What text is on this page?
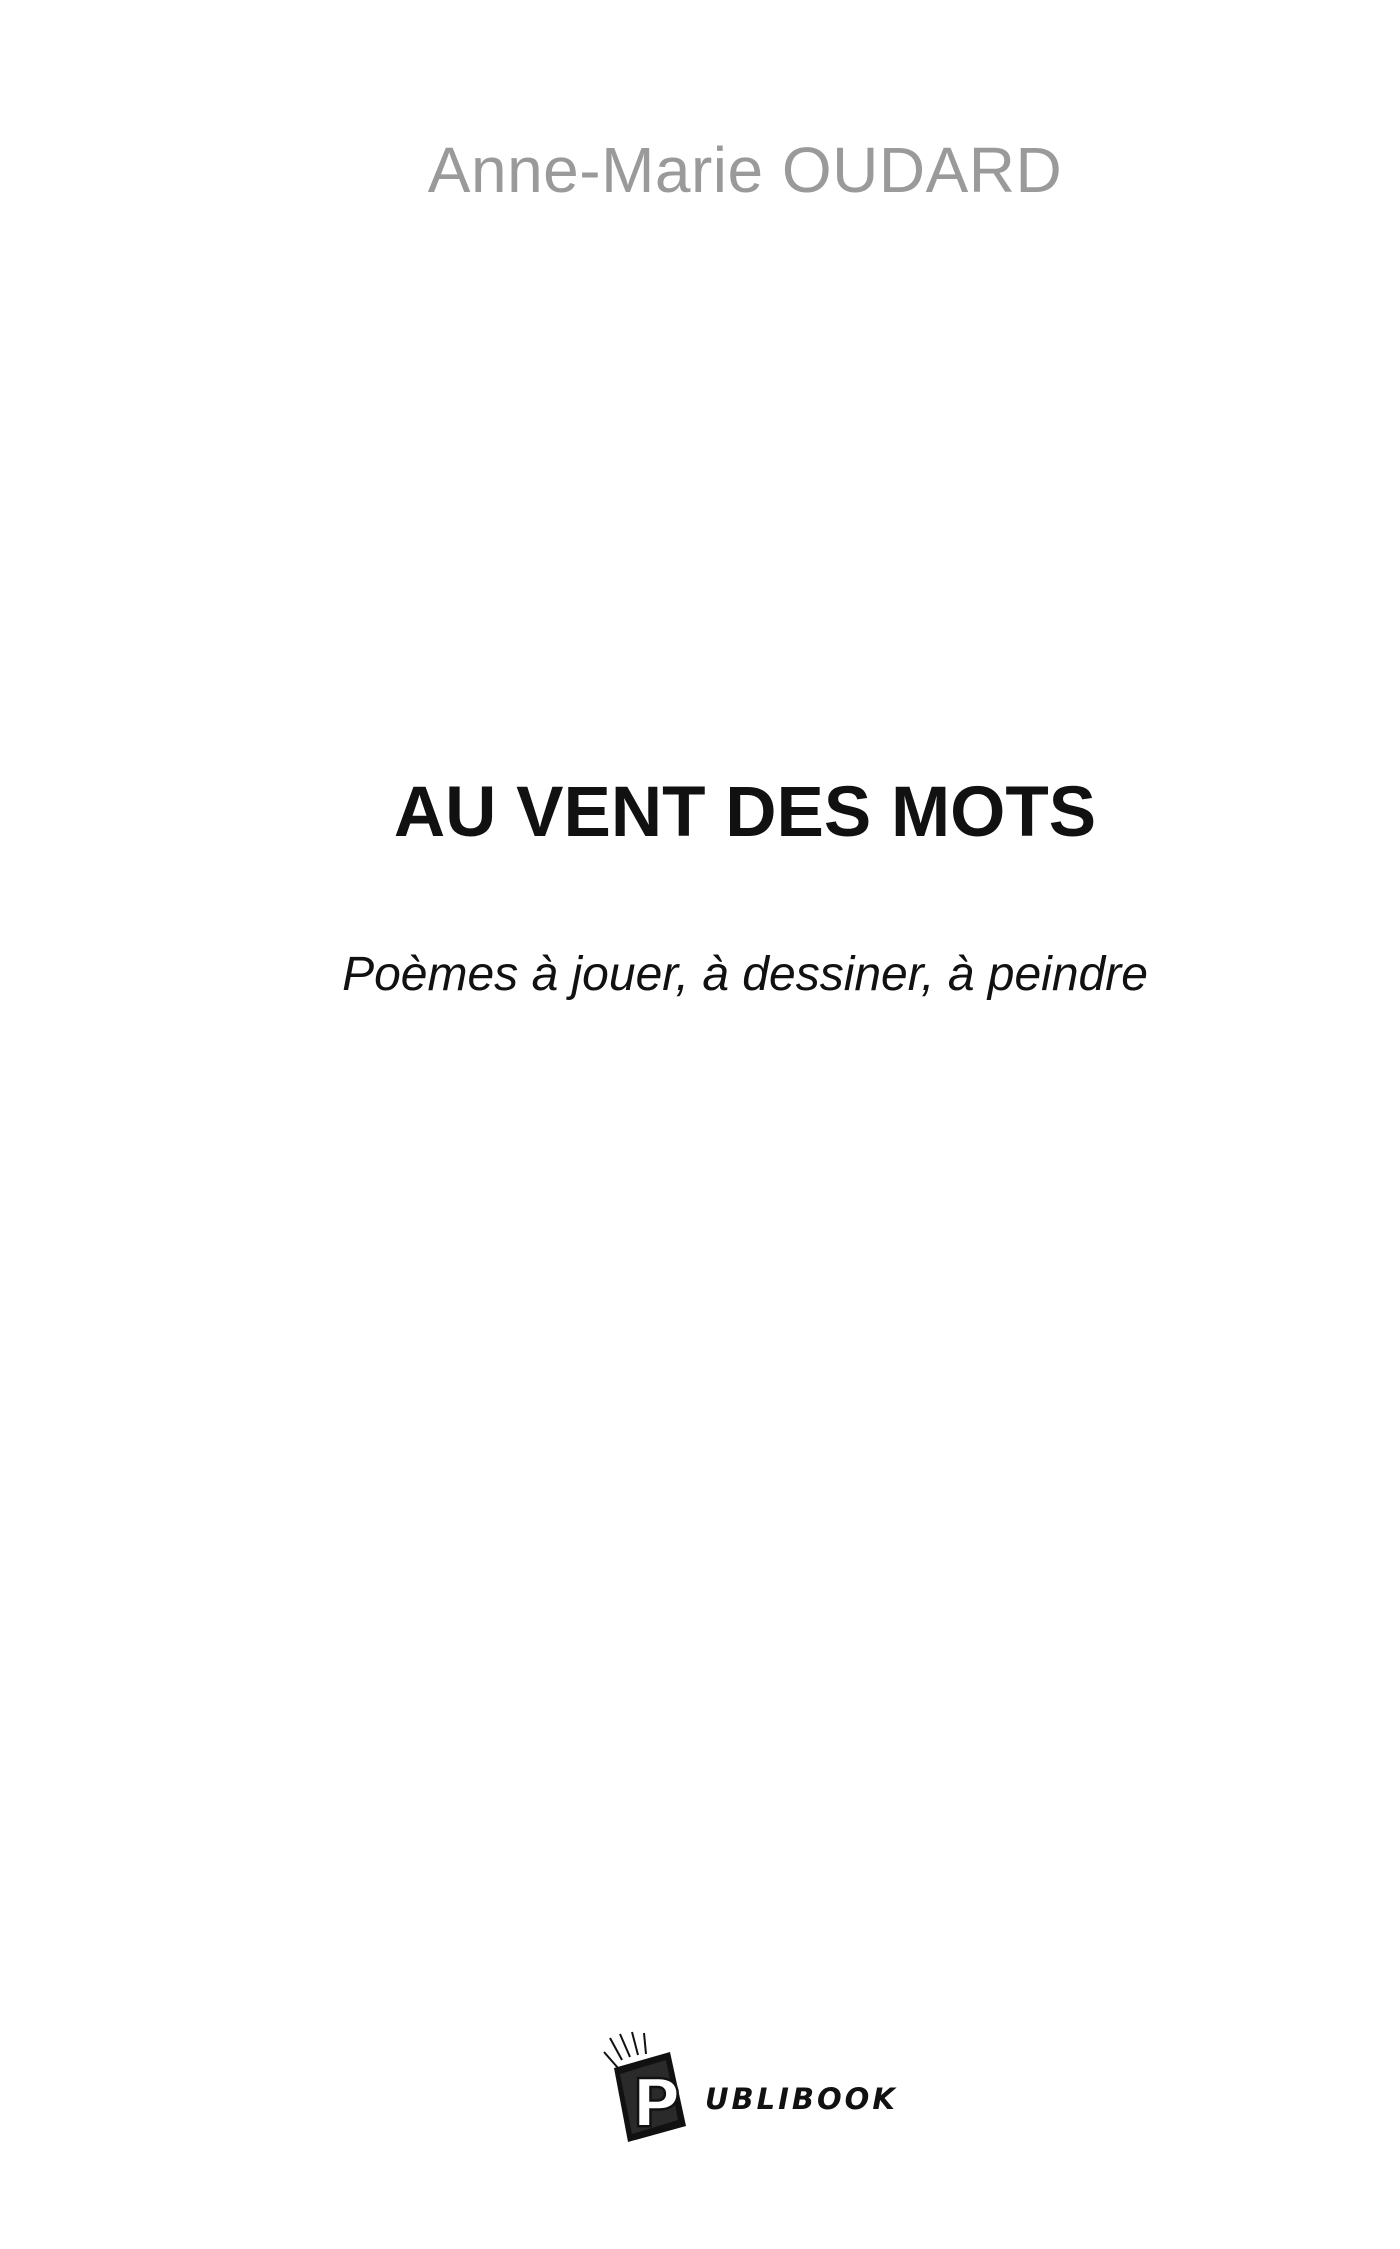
Anne-Marie OUDARD
AU VENT DES MOTS
Poèmes à jouer, à dessiner, à peindre
P UBLIBOOK
